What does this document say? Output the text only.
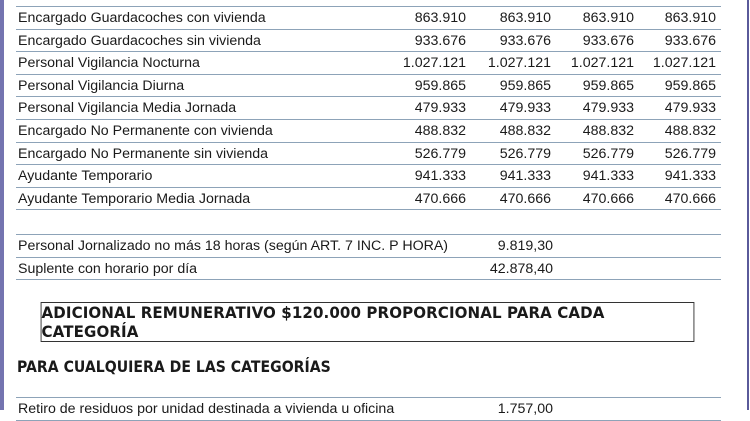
Encargado Guardacoches con vivienda	863.910 863.910 863.910 863.910
Encargado Guardacoches sin vivienda	933.676 933.676 933.676 933.676
Personal Vigilancia Nocturna	1.027.121 1.027.121 1.027.121 1.027.121
Personal Vigilancia Diurna	959.865 959.865 959.865 959.865
Personal Vigilancia Media Jornada	479.933 479.933 479.933 479.933
Encargado No Permanente con vivienda	488.832 488.832 488.832 488.832
Encargado No Permanente sin vivienda	526.779 526.779 526.779 526.779
Ayudante Temporario	941.333 941.333 941.333 941.333
Ayudante Temporario Media Jornada	470.666 470.666 470.666 470.666
Personal Jornalizado no más 18 horas (según ART. 7 INC. P HORA)	9.819,30
Suplente con horario por día	42.878,40
ADICIONAL REMUNERATIVO $120.000 PROPORCIONAL PARA CADA CATEGORÍA
PARA CUALQUIERA DE LAS CATEGORÍAS
Retiro de residuos por unidad destinada a vivienda u oficina	1.757,00
